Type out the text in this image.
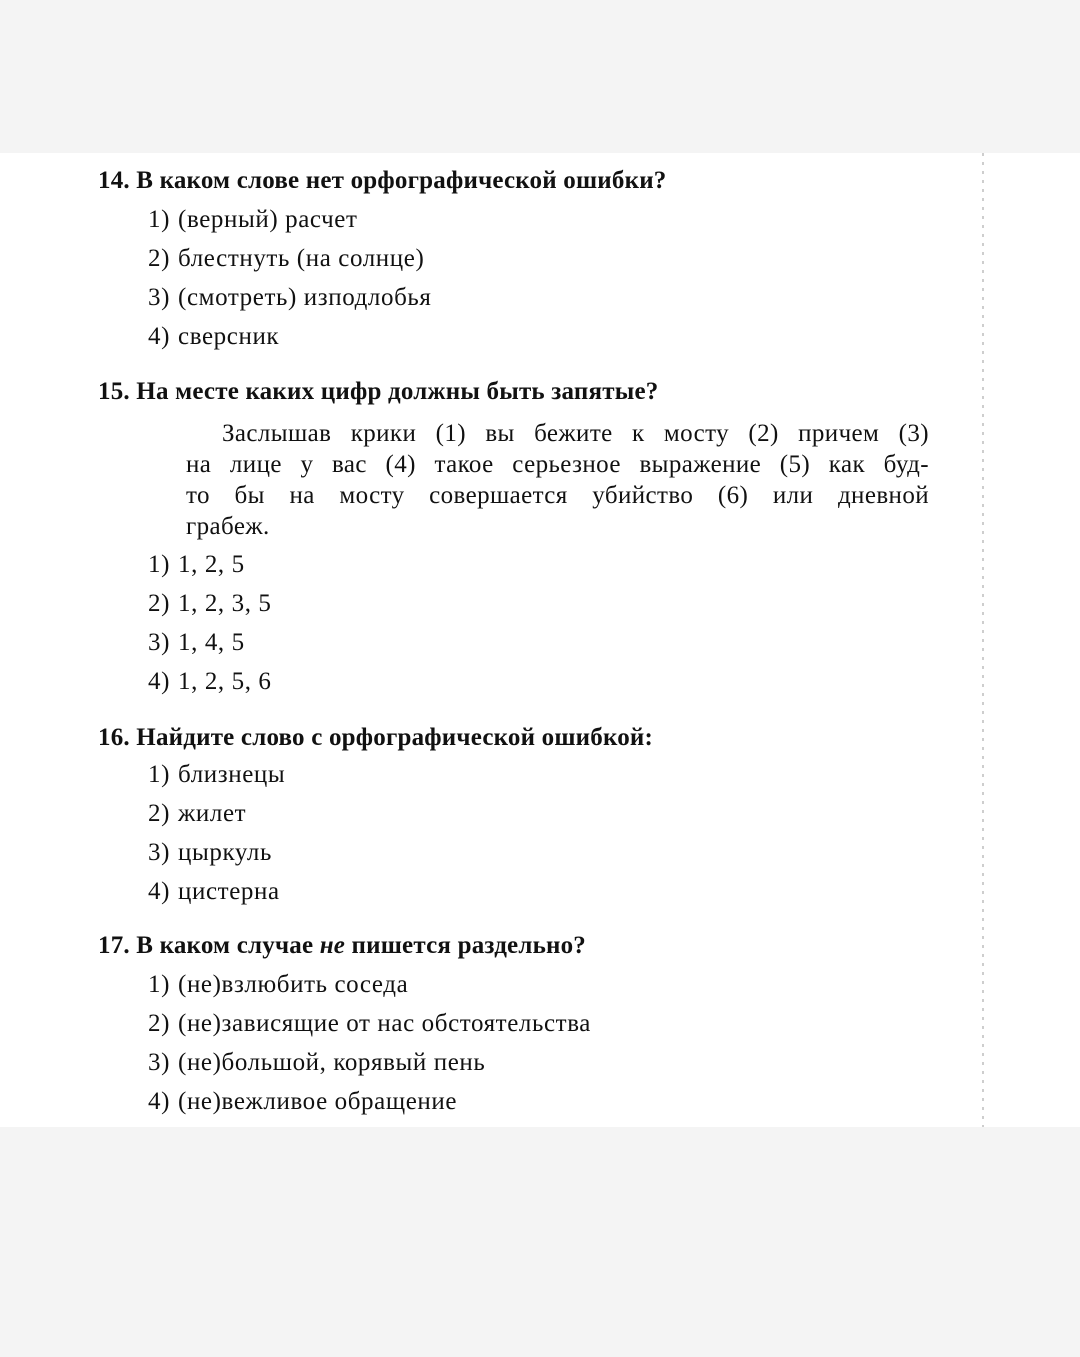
14. В каком слове нет орфографической ошибки?
1) (верный) расчет
2) блестнуть (на солнце)
3) (смотреть) изподлобья
4) сверсник
15. На месте каких цифр должны быть запятые?
Заслышав крики (1) вы бежите к мосту (2) причем (3)
на лице у вас (4) такое серьезное выражение (5) как буд-
то бы на мосту совершается убийство (6) или дневной
грабеж.
1) 1, 2, 5
2) 1, 2, 3, 5
3) 1, 4, 5
4) 1, 2, 5, 6
16. Найдите слово с орфографической ошибкой:
1) близнецы
2) жилет
3) цыркуль
4) цистерна
17. В каком случае не пишется раздельно?
1) (не)взлюбить соседа
2) (не)зависящие от нас обстоятельства
3) (не)большой, корявый пень
4) (не)вежливое обращение
